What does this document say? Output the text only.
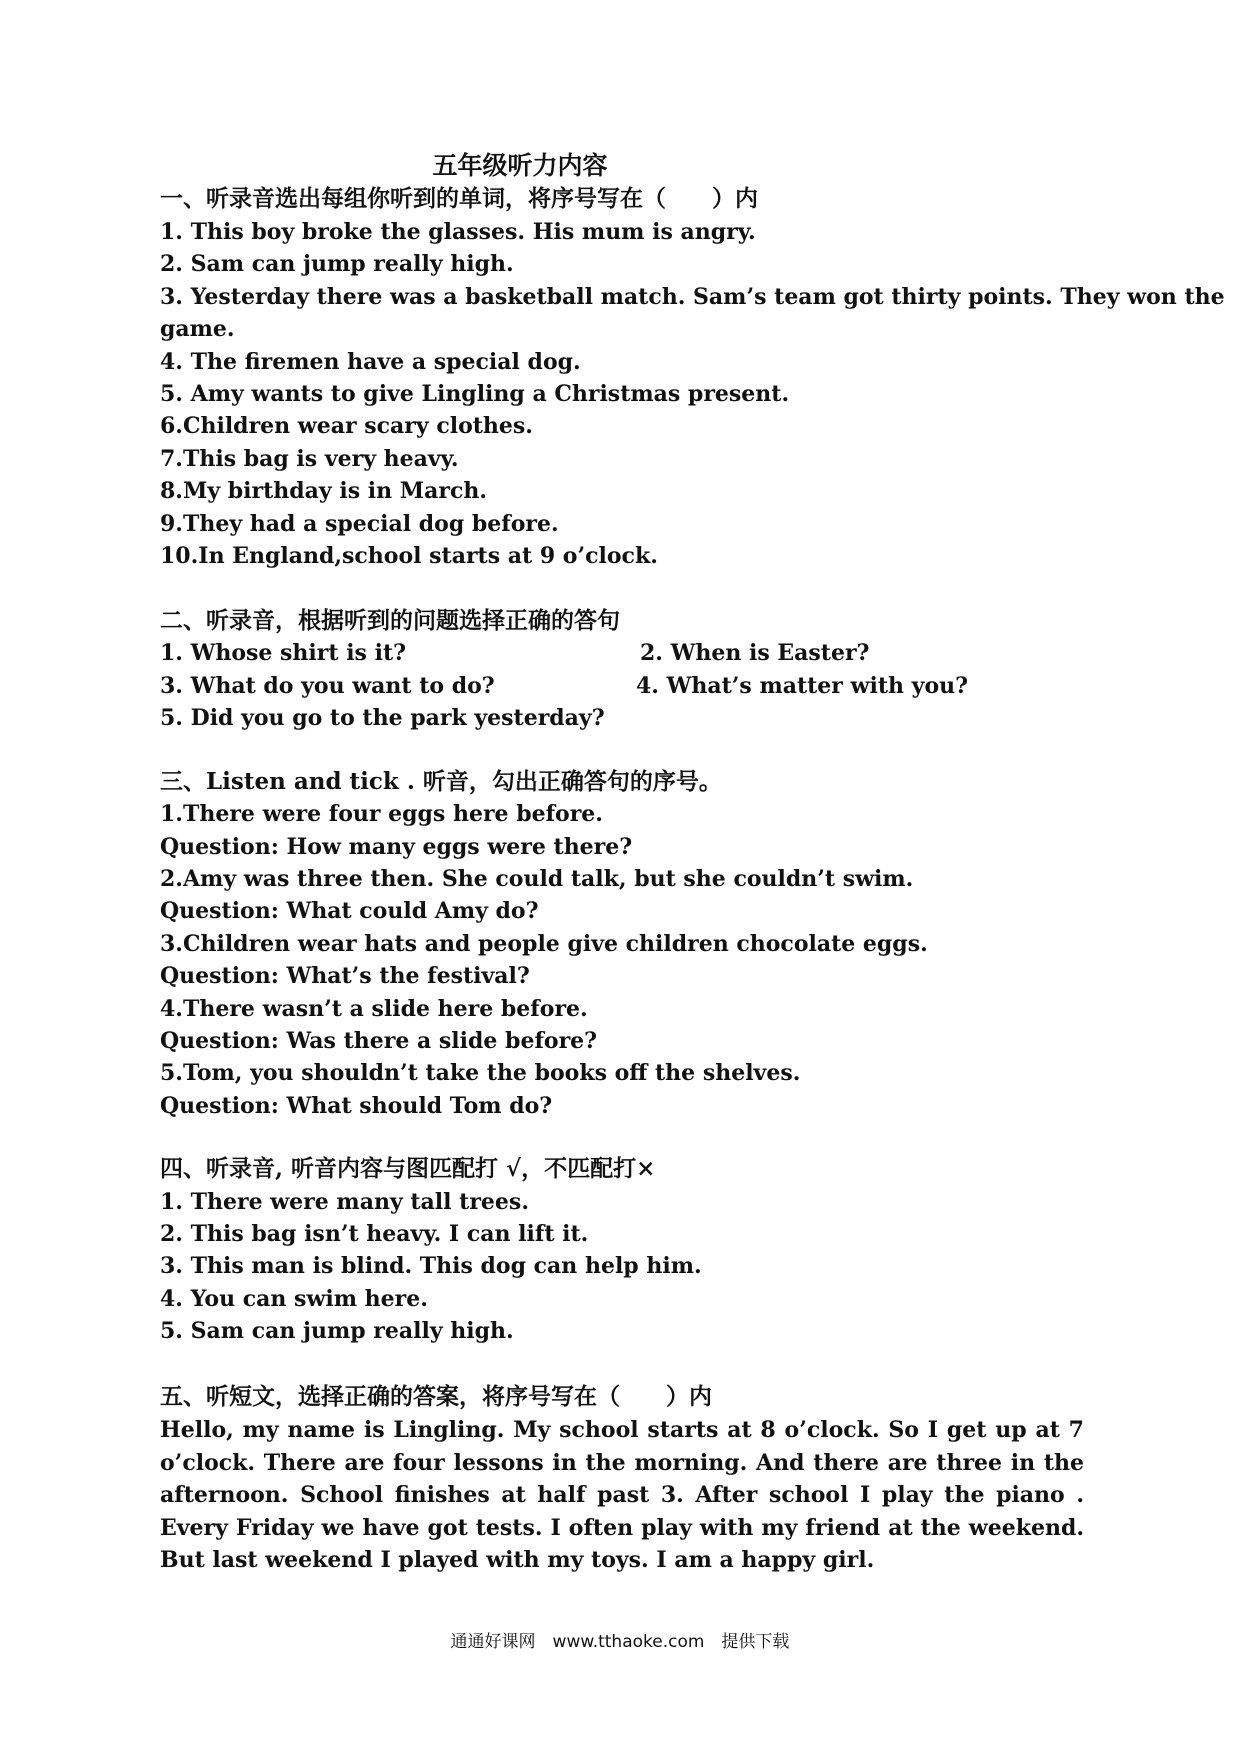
五年级听力内容
一、听录音选出每组你听到的单词，将序号写在（　　）内
1. This boy broke the glasses. His mum is angry.
2. Sam can jump really high.
3. Yesterday there was a basketball match. Sam’s team got thirty points. They won the
game.
4. The firemen have a special dog.
5. Amy wants to give Lingling a Christmas present.
6.Children wear scary clothes.
7.This bag is very heavy.
8.My birthday is in March.
9.They had a special dog before.
10.In England,school starts at 9 o’clock.
二、听录音，根据听到的问题选择正确的答句
1. Whose shirt is it?	2. When is Easter?
3. What do you want to do?	4. What’s matter with you?
5. Did you go to the park yesterday?
三、Listen and tick . 听音，勾出正确答句的序号。
1.There were four eggs here before.
Question: How many eggs were there?
2.Amy was three then. She could talk, but she couldn’t swim.
Question: What could Amy do?
3.Children wear hats and people give children chocolate eggs.
Question: What’s the festival?
4.There wasn’t a slide here before.
Question: Was there a slide before?
5.Tom, you shouldn’t take the books off the shelves.
Question: What should Tom do?
四、听录音, 听音内容与图匹配打 √，不匹配打×
1. There were many tall trees.
2. This bag isn’t heavy. I can lift it.
3. This man is blind. This dog can help him.
4. You can swim here.
5. Sam can jump really high.
五、听短文，选择正确的答案，将序号写在（　　）内
Hello, my name is Lingling. My school starts at 8 o’clock. So I get up at 7 o’clock. There are four lessons in the morning. And there are three in the afternoon. School finishes at half past 3. After school I play the piano . Every Friday we have got tests. I often play with my friend at the weekend. But last weekend I played with my toys. I am a happy girl.
通通好课网　www.tthaoke.com　提供下载
